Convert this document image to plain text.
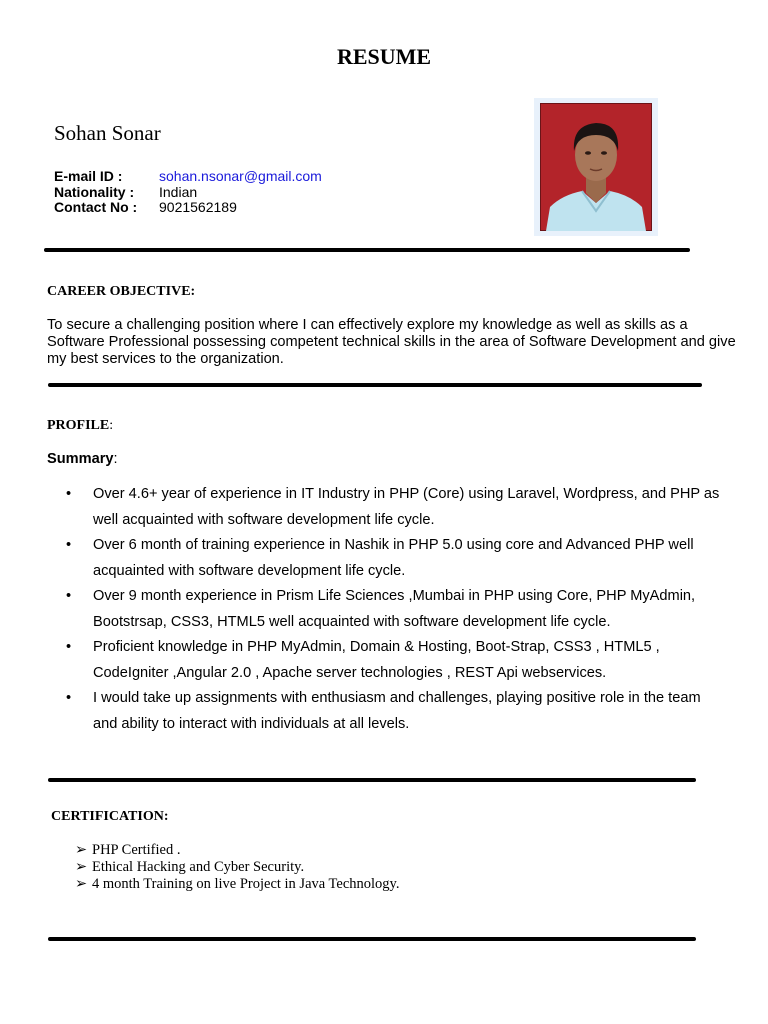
RESUME
Sohan Sonar
E-mail ID :	sohan.nsonar@gmail.com
Nationality :	Indian
Contact No :	9021562189
CAREER OBJECTIVE:
To secure a challenging position where I can effectively explore my knowledge as well as skills as a Software Professional possessing competent technical skills in the area of Software Development and give my best services to the organization.
PROFILE:
Summary:
•	Over 4.6+ year of experience in IT Industry in PHP (Core) using Laravel, Wordpress, and PHP as well acquainted with software development life cycle.
•	Over 6 month of training experience in Nashik in PHP 5.0 using core and Advanced PHP well acquainted with software development life cycle.
•	Over 9 month experience in Prism Life Sciences ,Mumbai in PHP using Core, PHP MyAdmin, Bootstrsap, CSS3, HTML5 well acquainted with software development life cycle.
•	Proficient knowledge in PHP MyAdmin, Domain & Hosting, Boot-Strap, CSS3 , HTML5 , CodeIgniter ,Angular 2.0 , Apache server technologies , REST Api webservices.
•	I would take up assignments with enthusiasm and challenges, playing positive role in the team and ability to interact with individuals at all levels.
CERTIFICATION:
➢ PHP Certified .
➢ Ethical Hacking and Cyber Security.
➢ 4 month Training on live Project in Java Technology.
